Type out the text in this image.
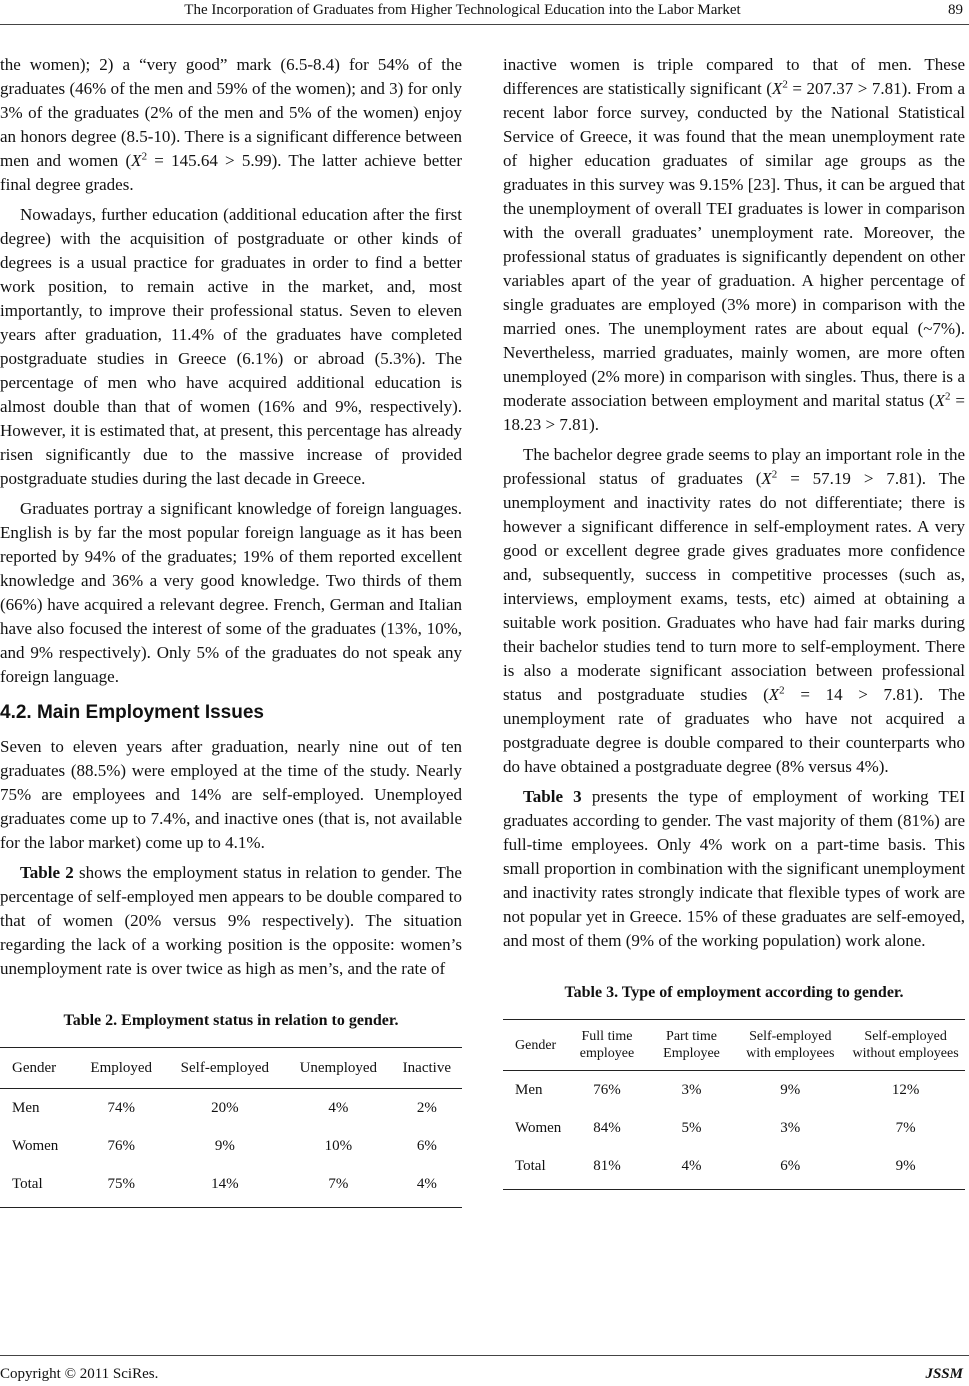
The Incorporation of Graduates from Higher Technological Education into the Labor Market	89

the women); 2) a “very good” mark (6.5-8.4) for 54% of the graduates (46% of the men and 59% of the women); and 3) for only 3% of the graduates (2% of the men and 5% of the women) enjoy an honors degree (8.5-10). There is a significant difference between men and women $(X^2 = 145.64 > 5.99)$. The latter achieve better final degree grades.

Nowadays, further education (additional education after the first degree) with the acquisition of postgraduate or other kinds of degrees is a usual practice for graduates in order to find a better work position, to remain active in the market, and, most importantly, to improve their professional status. Seven to eleven years after graduation, 11.4% of the graduates have completed postgraduate studies in Greece (6.1%) or abroad (5.3%). The percentage of men who have acquired additional education is almost double than that of women (16% and 9%, respectively). However, it is estimated that, at present, this percentage has already risen significantly due to the massive increase of provided postgraduate studies during the last decade in Greece.

Graduates portray a significant knowledge of foreign languages. English is by far the most popular foreign language as it has been reported by 94% of the graduates; 19% of them reported excellent knowledge and 36% a very good knowledge. Two thirds of them (66%) have acquired a relevant degree. French, German and Italian have also focused the interest of some of the graduates (13%, 10%, and 9% respectively). Only 5% of the graduates do not speak any foreign language.

4.2. Main Employment Issues

Seven to eleven years after graduation, nearly nine out of ten graduates (88.5%) were employed at the time of the study. Nearly 75% are employees and 14% are self-employed. Unemployed graduates come up to 7.4%, and inactive ones (that is, not available for the labor market) come up to 4.1%.

Table 2 shows the employment status in relation to gender. The percentage of self-employed men appears to be double compared to that of women (20% versus 9% respectively). The situation regarding the lack of a working position is the opposite: women’s unemployment rate is over twice as high as men’s, and the rate of

Table 2. Employment status in relation to gender.
Gender	Employed	Self-employed	Unemployed	Inactive
Men	74%	20%	4%	2%
Women	76%	9%	10%	6%
Total	75%	14%	7%	4%

inactive women is triple compared to that of men. These differences are statistically significant $(X^2 = 207.37 > 7.81)$. From a recent labor force survey, conducted by the National Statistical Service of Greece, it was found that the mean unemployment rate of higher education graduates of similar age groups as the graduates in this survey was 9.15% [23]. Thus, it can be argued that the unemployment of overall TEI graduates is lower in comparison with the overall graduates’ unemployment rate. Moreover, the professional status of graduates is significantly dependent on other variables apart of the year of graduation. A higher percentage of single graduates are employed (3% more) in comparison with the married ones. The unemployment rates are about equal (~7%). Nevertheless, married graduates, mainly women, are more often unemployed (2% more) in comparison with singles. Thus, there is a moderate association between employment and marital status $(X^2 = 18.23 > 7.81)$.

The bachelor degree grade seems to play an important role in the professional status of graduates $(X^2 = 57.19 > 7.81)$. The unemployment and inactivity rates do not differentiate; there is however a significant difference in self-employment rates. A very good or excellent degree grade gives graduates more confidence and, subsequently, success in competitive processes (such as, interviews, employment exams, tests, etc) aimed at obtaining a suitable work position. Graduates who have had fair marks during their bachelor studies tend to turn more to self-employment. There is also a moderate significant association between professional status and postgraduate studies $(X^2 = 14 > 7.81)$. The unemployment rate of graduates who have not acquired a postgraduate degree is double compared to their counterparts who do have obtained a postgraduate degree (8% versus 4%).

Table 3 presents the type of employment of working TEI graduates according to gender. The vast majority of them (81%) are full-time employees. Only 4% work on a part-time basis. This small proportion in combination with the significant unemployment and inactivity rates strongly indicate that flexible types of work are not popular yet in Greece. 15% of these graduates are self-emoyed, and most of them (9% of the working population) work alone.

Table 3. Type of employment according to gender.
Gender	Full time employee	Part time Employee	Self-employed with employees	Self-employed without employees
Men	76%	3%	9%	12%
Women	84%	5%	3%	7%
Total	81%	4%	6%	9%
Copyright © 2011 SciRes.	JSSM
